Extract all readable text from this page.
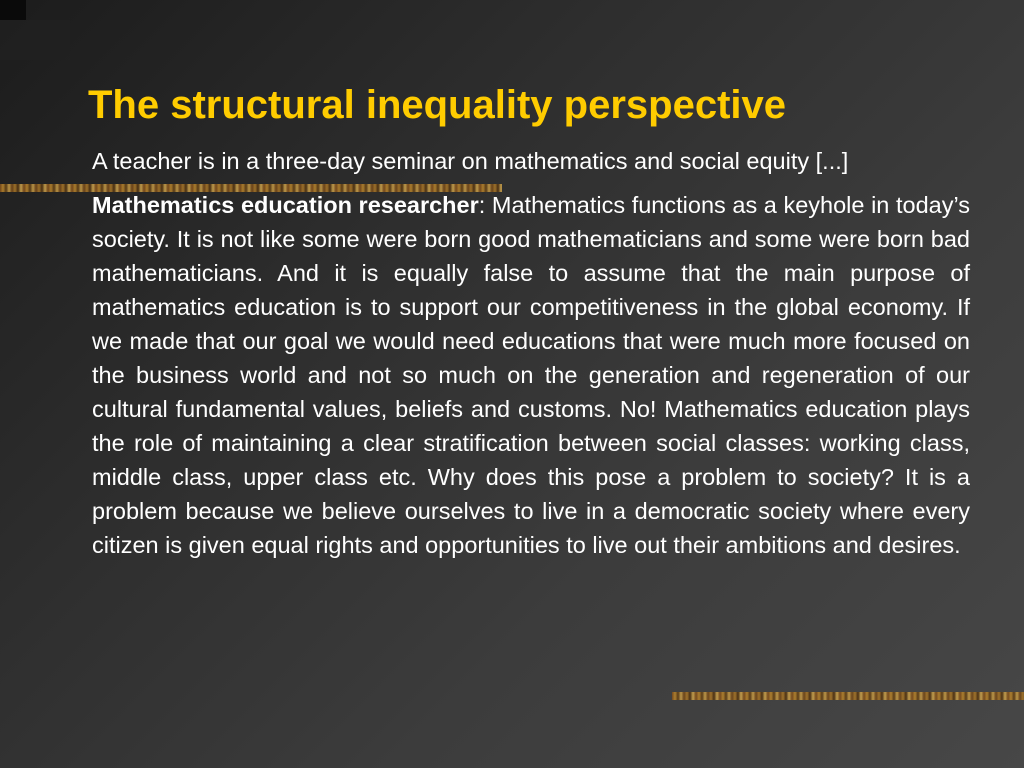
The structural inequality perspective

A teacher is in a three-day seminar on mathematics and social equity [...]

Mathematics education researcher: Mathematics functions as a keyhole in today’s society. It is not like some were born good mathematicians and some were born bad mathematicians. And it is equally false to assume that the main purpose of mathematics education is to support our competitiveness in the global economy. If we made that our goal we would need educations that were much more focused on the business world and not so much on the generation and regeneration of our cultural fundamental values, beliefs and customs. No! Mathematics education plays the role of maintaining a clear stratification between social classes: working class, middle class, upper class etc. Why does this pose a problem to society? It is a problem because we believe ourselves to live in a democratic society where every citizen is given equal rights and opportunities to live out their ambitions and desires.
